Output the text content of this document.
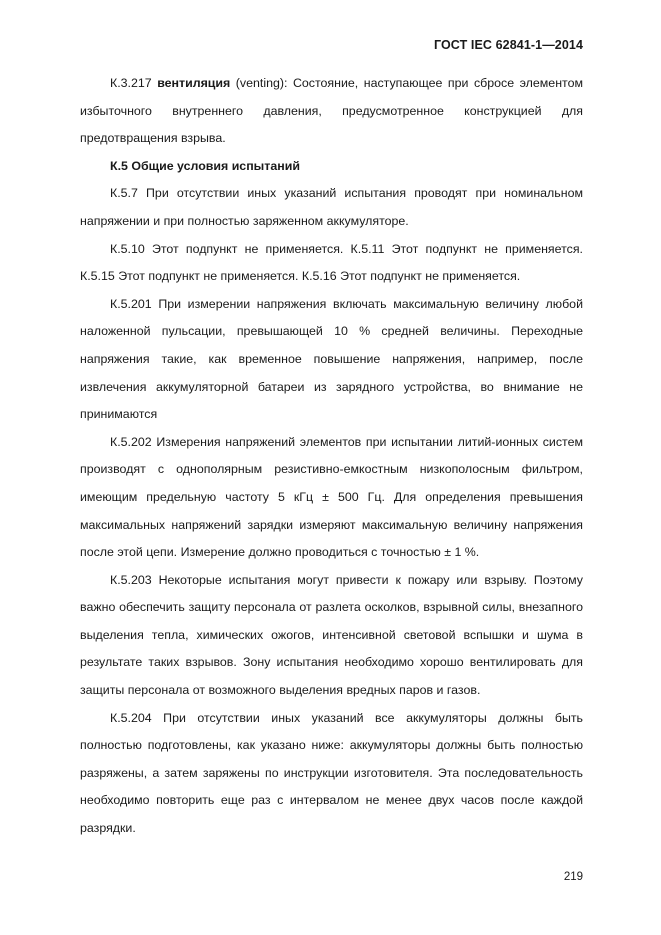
ГОСТ IEC 62841-1—2014

К.3.217 вентиляция (venting): Состояние, наступающее при сбросе элементом избыточного внутреннего давления, предусмотренное конструкцией для предотвращения взрыва.

К.5 Общие условия испытаний

К.5.7 При отсутствии иных указаний испытания проводят при номинальном напряжении и при полностью заряженном аккумуляторе.

К.5.10 Этот подпункт не применяется. К.5.11 Этот подпункт не применяется. К.5.15 Этот подпункт не применяется. К.5.16 Этот подпункт не применяется.

К.5.201 При измерении напряжения включать максимальную величину любой наложенной пульсации, превышающей 10 % средней величины. Переходные напряжения такие, как временное повышение напряжения, например, после извлечения аккумуляторной батареи из зарядного устройства, во внимание не принимаются

К.5.202 Измерения напряжений элементов при испытании литий-ионных систем производят с однополярным резистивно-емкостным низкополосным фильтром, имеющим предельную частоту 5 кГц ± 500 Гц. Для определения превышения максимальных напряжений зарядки измеряют максимальную величину напряжения после этой цепи. Измерение должно проводиться с точностью ± 1 %.

К.5.203 Некоторые испытания могут привести к пожару или взрыву. Поэтому важно обеспечить защиту персонала от разлета осколков, взрывной силы, внезапного выделения тепла, химических ожогов, интенсивной световой вспышки и шума в результате таких взрывов. Зону испытания необходимо хорошо вентилировать для защиты персонала от возможного выделения вредных паров и газов.

К.5.204 При отсутствии иных указаний все аккумуляторы должны быть полностью подготовлены, как указано ниже: аккумуляторы должны быть полностью разряжены, а затем заряжены по инструкции изготовителя. Эта последовательность необходимо повторить еще раз с интервалом не менее двух часов после каждой разрядки.

219
